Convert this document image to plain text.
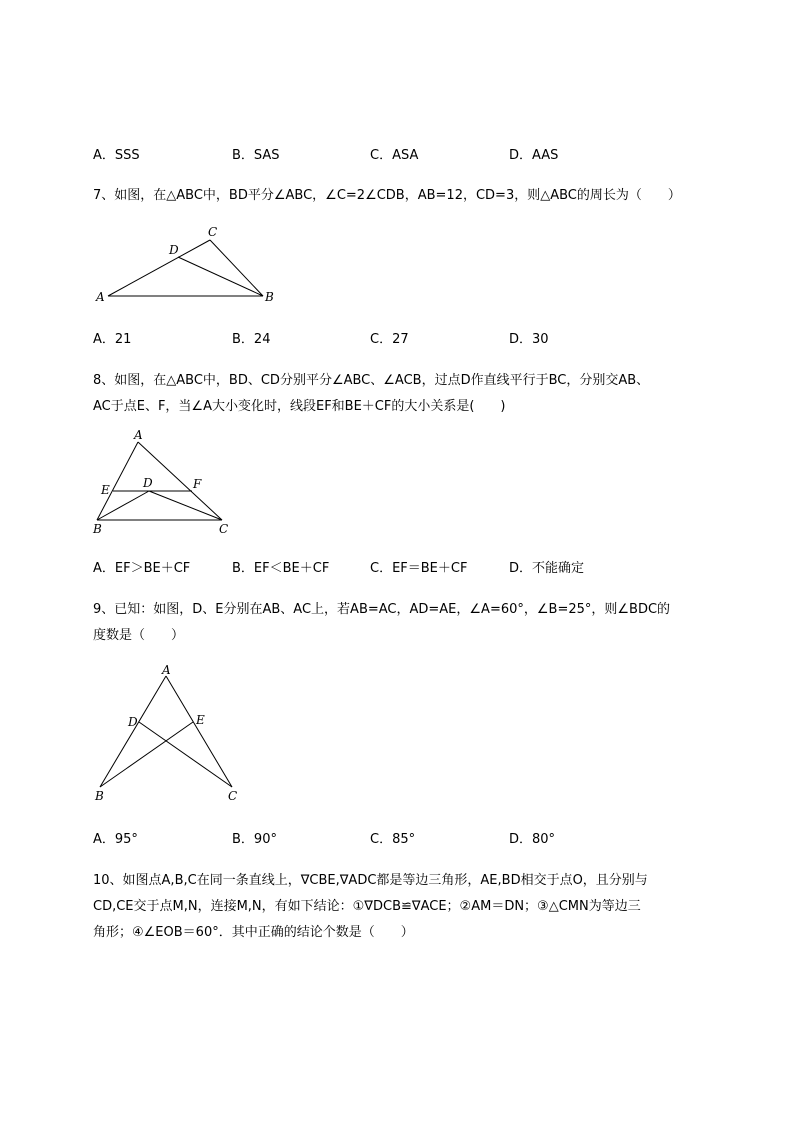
A．SSS	B．SAS	C．ASA	D．AAS
7、如图，在△ABC中，BD平分∠ABC，∠C=2∠CDB，AB=12，CD=3，则△ABC的周长为（　　）
A	B
C
D
A．21	B．24	C．27	D．30
8、如图，在△ABC中，BD、CD分别平分∠ABC、∠ACB，过点D作直线平行于BC，分别交AB、
AC于点E、F，当∠A大小变化时，线段EF和BE＋CF的大小关系是(　　)
A
B	C
D
E	F
A．EF＞BE＋CF	B．EF＜BE＋CF	C．EF＝BE＋CF	D．不能确定
9、已知：如图，D、E分别在AB、AC上，若AB=AC，AD=AE，∠A=60°，∠B=25°，则∠BDC的
度数是（　　）
A
B	C
D	E
A．95°	B．90°	C．85°	D．80°
10、如图点A,B,C在同一条直线上，∇CBE,∇ADC都是等边三角形，AE,BD相交于点O，且分别与
CD,CE交于点M,N，连接M,N，有如下结论：①∇DCB≌∇ACE；②AM＝DN；③△CMN为等边三
角形；④∠EOB＝60°．其中正确的结论个数是（　　）
